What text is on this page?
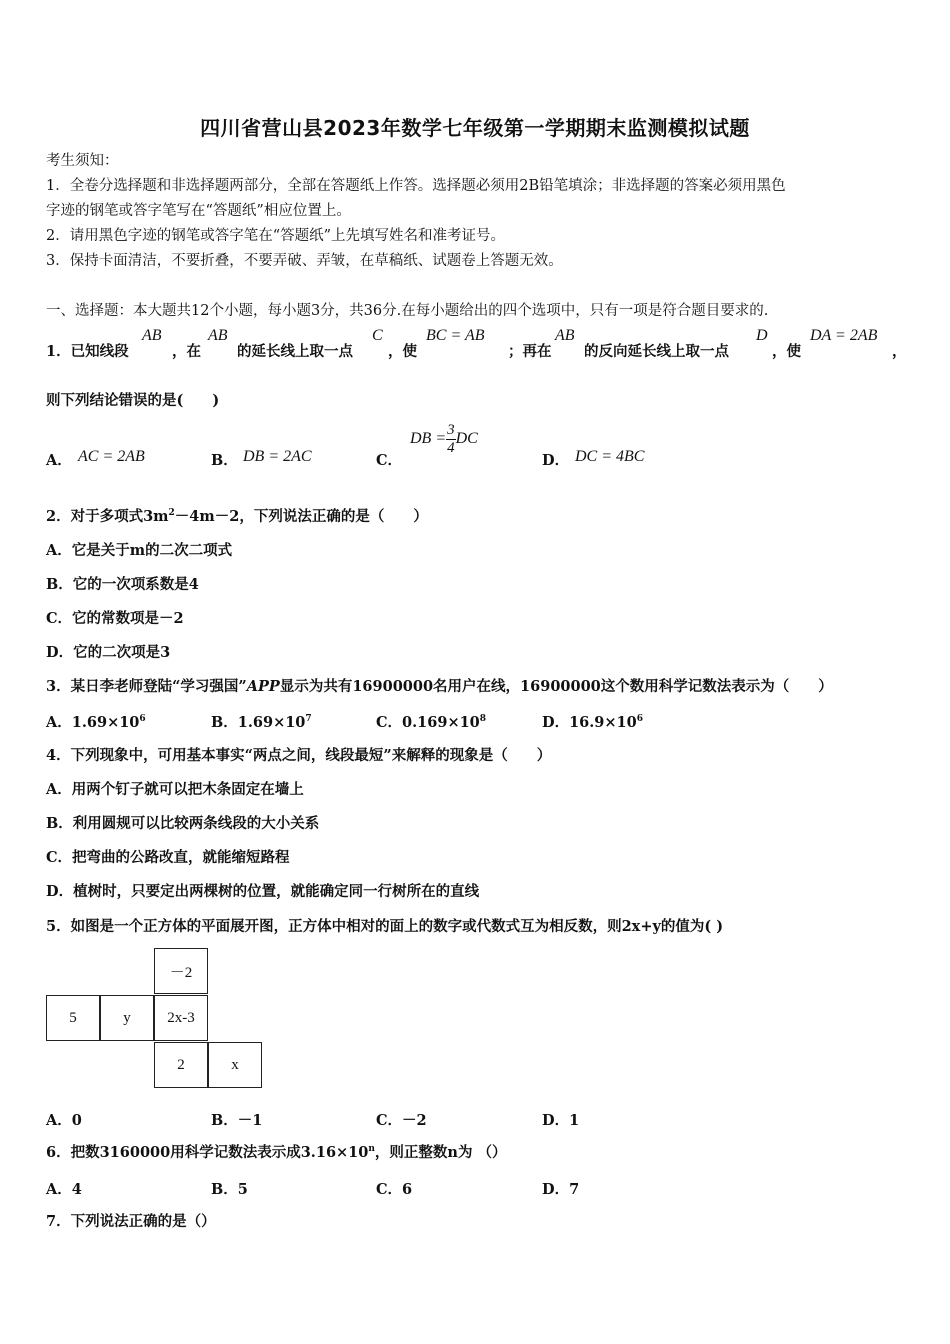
四川省营山县2023年数学七年级第一学期期末监测模拟试题
考生须知：
1．全卷分选择题和非选择题两部分，全部在答题纸上作答。选择题必须用2B铅笔填涂；非选择题的答案必须用黑色
字迹的钢笔或答字笔写在“答题纸”相应位置上。
2．请用黑色字迹的钢笔或答字笔在“答题纸”上先填写姓名和准考证号。
3．保持卡面清洁，不要折叠，不要弄破、弄皱，在草稿纸、试题卷上答题无效。
一、选择题：本大题共12个小题，每小题3分，共36分.在每小题给出的四个选项中，只有一项是符合题目要求的.
1．已知线段
AB
，在
AB
的延长线上取一点
C
，使
BC = AB
；再在
AB
的反向延长线上取一点
D
，使
DA = 2AB
，
则下列结论错误的是(　　)
A． AC = 2AB	B． DB = 2AC	C．
DB = $\frac{3}{4}$ DC
D． DC = 4BC
2．对于多项式$3m^2-4m-2$，下列说法正确的是（　　）
A．它是关于m的二次二项式
B．它的一次项系数是4
C．它的常数项是－2
D．它的二次项是3
3．某日李老师登陆“学习强国”APP显示为共有16900000名用户在线，16900000这个数用科学记数法表示为（　　）
A．$1.69\times 10^6$	B．$1.69\times 10^7$	C．$0.169\times 10^8$	D．$16.9\times 10^6$
4．下列现象中，可用基本事实“两点之间，线段最短”来解释的现象是（　　）
A．用两个钉子就可以把木条固定在墙上
B．利用圆规可以比较两条线段的大小关系
C．把弯曲的公路改直，就能缩短路程
D．植树时，只要定出两棵树的位置，就能确定同一行树所在的直线
5．如图是一个正方体的平面展开图，正方体中相对的面上的数字或代数式互为相反数，则2x+y的值为( )
－2
5	y	2x-3
2	x
A．0	B．－1	C．－2	D．1
6．把数3160000用科学记数法表示成$3.16\times 10^n$，则正整数n为 （）
A．4	B．5	C．6	D．7
7．下列说法正确的是（）
